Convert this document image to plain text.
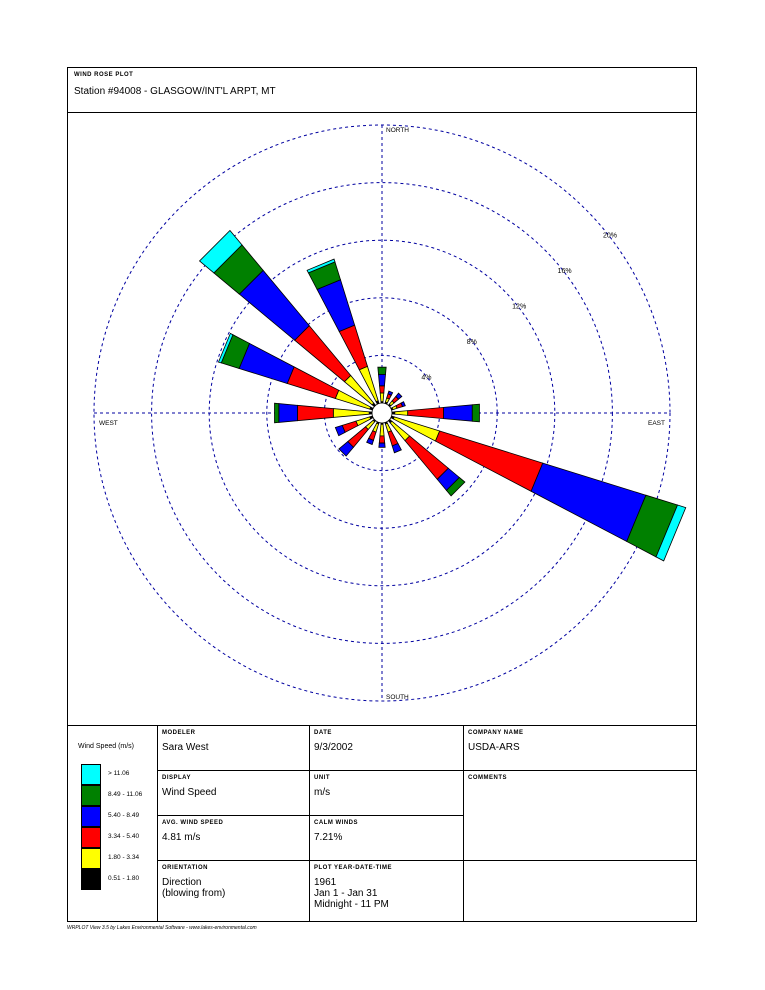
WIND ROSE PLOT
Station #94008 - GLASGOW/INT'L ARPT, MT
4%
8%
12%
16%
20%
NORTH
SOUTH
WEST	EAST
Wind Speed (m/s)
> 11.06
8.49 - 11.06
5.40 - 8.49
3.34 - 5.40
1.80 - 3.34
0.51 - 1.80
MODELER
Sara West
DATE
9/3/2002
COMPANY NAME
USDA-ARS
DISPLAY
Wind Speed
UNIT
m/s
COMMENTS
AVG. WIND SPEED
4.81 m/s
CALM WINDS
7.21%
ORIENTATION
Direction
(blowing from)
PLOT YEAR-DATE-TIME
1961
Jan 1 - Jan 31
Midnight - 11 PM
WRPLOT View 3.5 by Lakes Environmental Software - www.lakes-environmental.com
